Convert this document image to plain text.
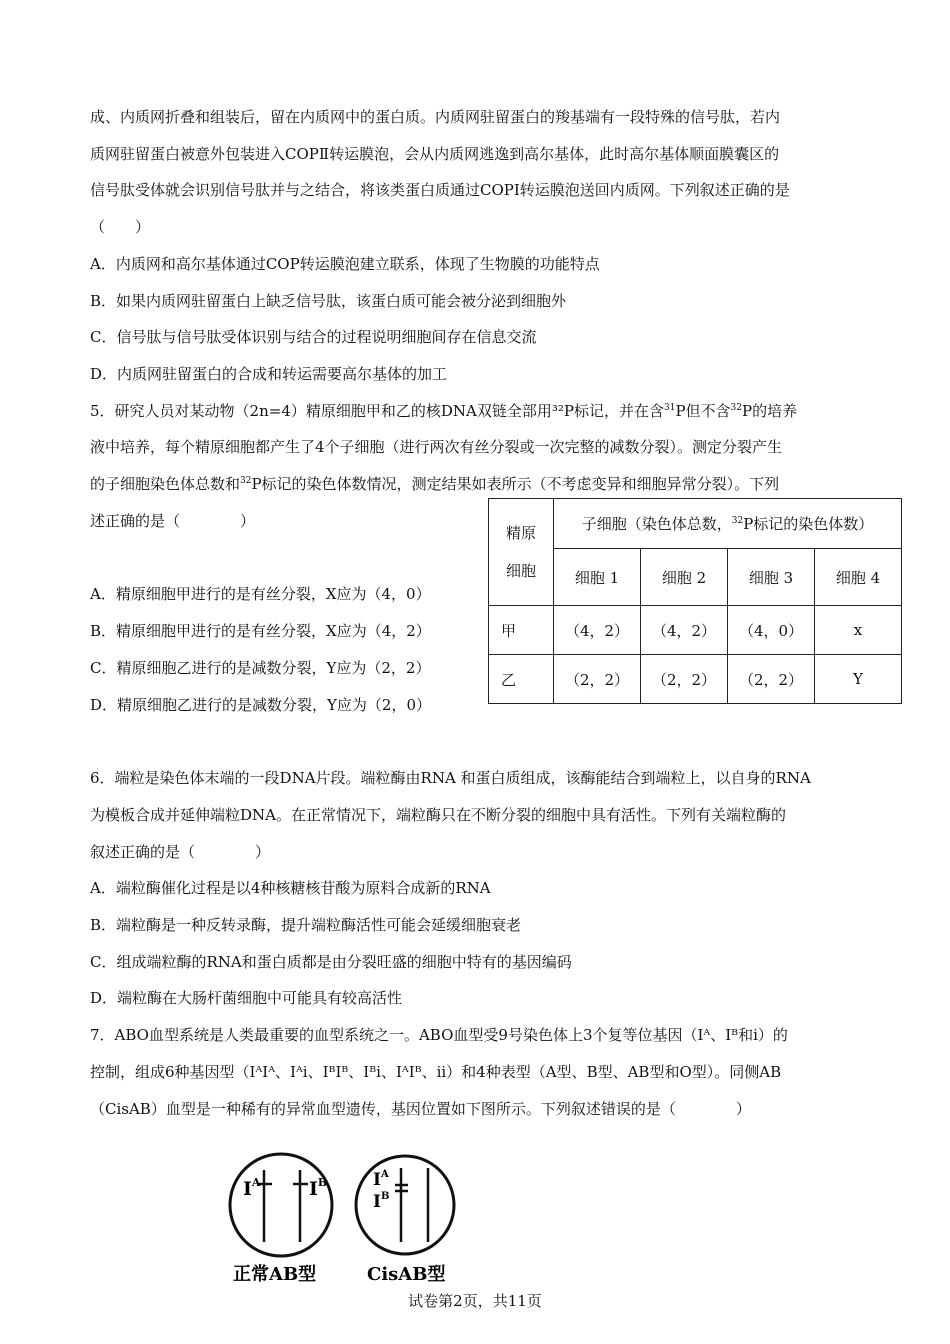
成、内质网折叠和组装后，留在内质网中的蛋白质。内质网驻留蛋白的羧基端有一段特殊的信号肽，若内
质网驻留蛋白被意外包装进入COPⅡ转运膜泡，会从内质网逃逸到高尔基体，此时高尔基体顺面膜囊区的
信号肽受体就会识别信号肽并与之结合，将该类蛋白质通过COPI转运膜泡送回内质网。下列叙述正确的是
（　　）
A．内质网和高尔基体通过COP转运膜泡建立联系，体现了生物膜的功能特点
B．如果内质网驻留蛋白上缺乏信号肽，该蛋白质可能会被分泌到细胞外
C．信号肽与信号肽受体识别与结合的过程说明细胞间存在信息交流
D．内质网驻留蛋白的合成和转运需要高尔基体的加工
5．研究人员对某动物（2n=4）精原细胞甲和乙的核DNA双链全部用³²P标记，并在含$^{31}$P但不含$^{32}$P的培养
液中培养，每个精原细胞都产生了4个子细胞（进行两次有丝分裂或一次完整的减数分裂）。测定分裂产生
的子细胞染色体总数和$^{32}$P标记的染色体数情况，测定结果如表所示（不考虑变异和细胞异常分裂）。下列
述正确的是（　　　　）
A．精原细胞甲进行的是有丝分裂，X应为（4，0）
B．精原细胞甲进行的是有丝分裂，X应为（4，2）
C．精原细胞乙进行的是减数分裂，Y应为（2，2）
D．精原细胞乙进行的是减数分裂，Y应为（2，0）
精原
细胞	子细胞（染色体总数，$^{32}$P标记的染色体数）			
	细胞 1	细胞 2	细胞 3	细胞 4
甲	（4，2）	（4，2）	（4，0）	x
乙	（2，2）	（2，2）	（2，2）	Y
6．端粒是染色体末端的一段DNA片段。端粒酶由RNA 和蛋白质组成，该酶能结合到端粒上，以自身的RNA
为模板合成并延伸端粒DNA。在正常情况下，端粒酶只在不断分裂的细胞中具有活性。下列有关端粒酶的
叙述正确的是（　　　　）
A．端粒酶催化过程是以4种核糖核苷酸为原料合成新的RNA
B．端粒酶是一种反转录酶，提升端粒酶活性可能会延缓细胞衰老
C．组成端粒酶的RNA和蛋白质都是由分裂旺盛的细胞中特有的基因编码
D．端粒酶在大肠杆菌细胞中可能具有较高活性
7．ABO血型系统是人类最重要的血型系统之一。ABO血型受9号染色体上3个复等位基因（Iᴬ、Iᴮ和i）的
控制，组成6种基因型（IᴬIᴬ、Iᴬi、IᴮIᴮ、Iᴮi、IᴬIᴮ、ii）和4种表型（A型、B型、AB型和O型）。同侧AB
（CisAB）血型是一种稀有的异常血型遗传，基因位置如下图所示。下列叙述错误的是（　　　　）
$I^A$	$I^B$	$I^A$
$I^B$
正常AB型	CisAB型
试卷第2页，共11页
